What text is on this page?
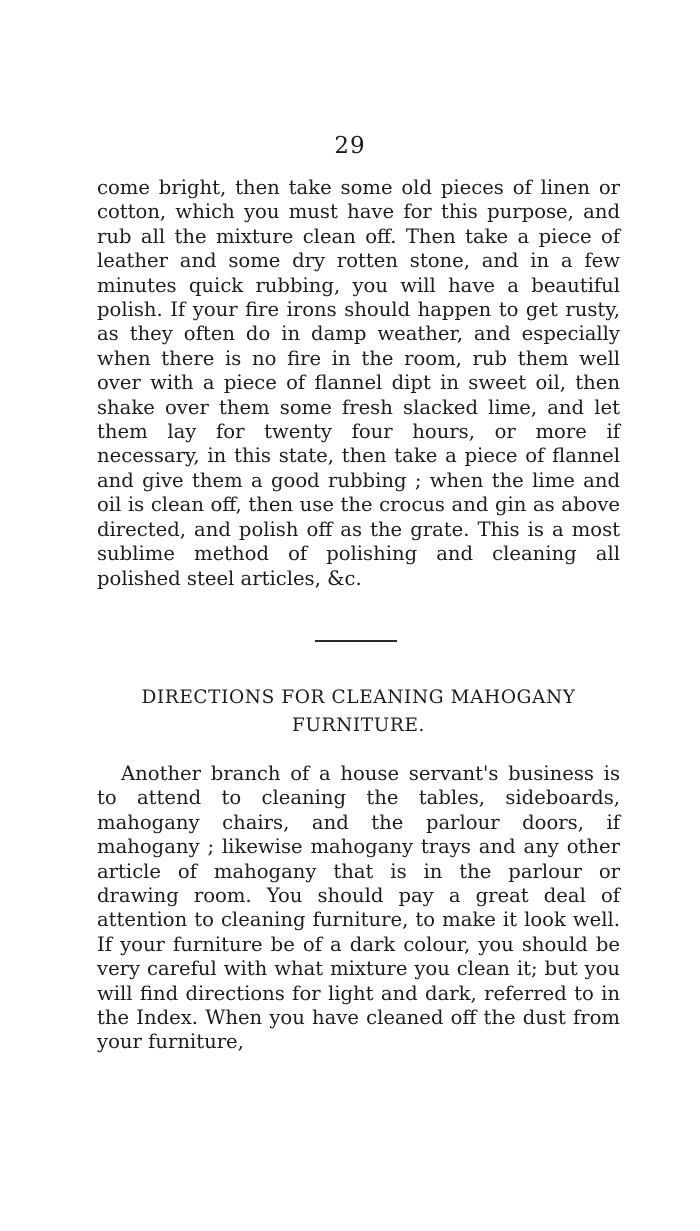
29

come bright, then take some old pieces of linen or cotton, which you must have for this purpose, and rub all the mixture clean off. Then take a piece of leather and some dry rotten stone, and in a few minutes quick rubbing, you will have a beautiful polish. If your fire irons should happen to get rusty, as they often do in damp weather, and especially when there is no fire in the room, rub them well over with a piece of flannel dipt in sweet oil, then shake over them some fresh slacked lime, and let them lay for twenty four hours, or more if necessary, in this state, then take a piece of flannel and give them a good rubbing ; when the lime and oil is clean off, then use the crocus and gin as above directed, and polish off as the grate. This is a most sublime method of polishing and cleaning all polished steel articles, &c.

DIRECTIONS FOR CLEANING MAHOGANY
FURNITURE.

Another branch of a house servant's business is to attend to cleaning the tables, sideboards, mahogany chairs, and the parlour doors, if mahogany ; likewise mahogany trays and any other article of mahogany that is in the parlour or drawing room. You should pay a great deal of attention to cleaning furniture, to make it look well. If your furniture be of a dark colour, you should be very careful with what mixture you clean it; but you will find directions for light and dark, referred to in the Index. When you have cleaned off the dust from your furniture,
